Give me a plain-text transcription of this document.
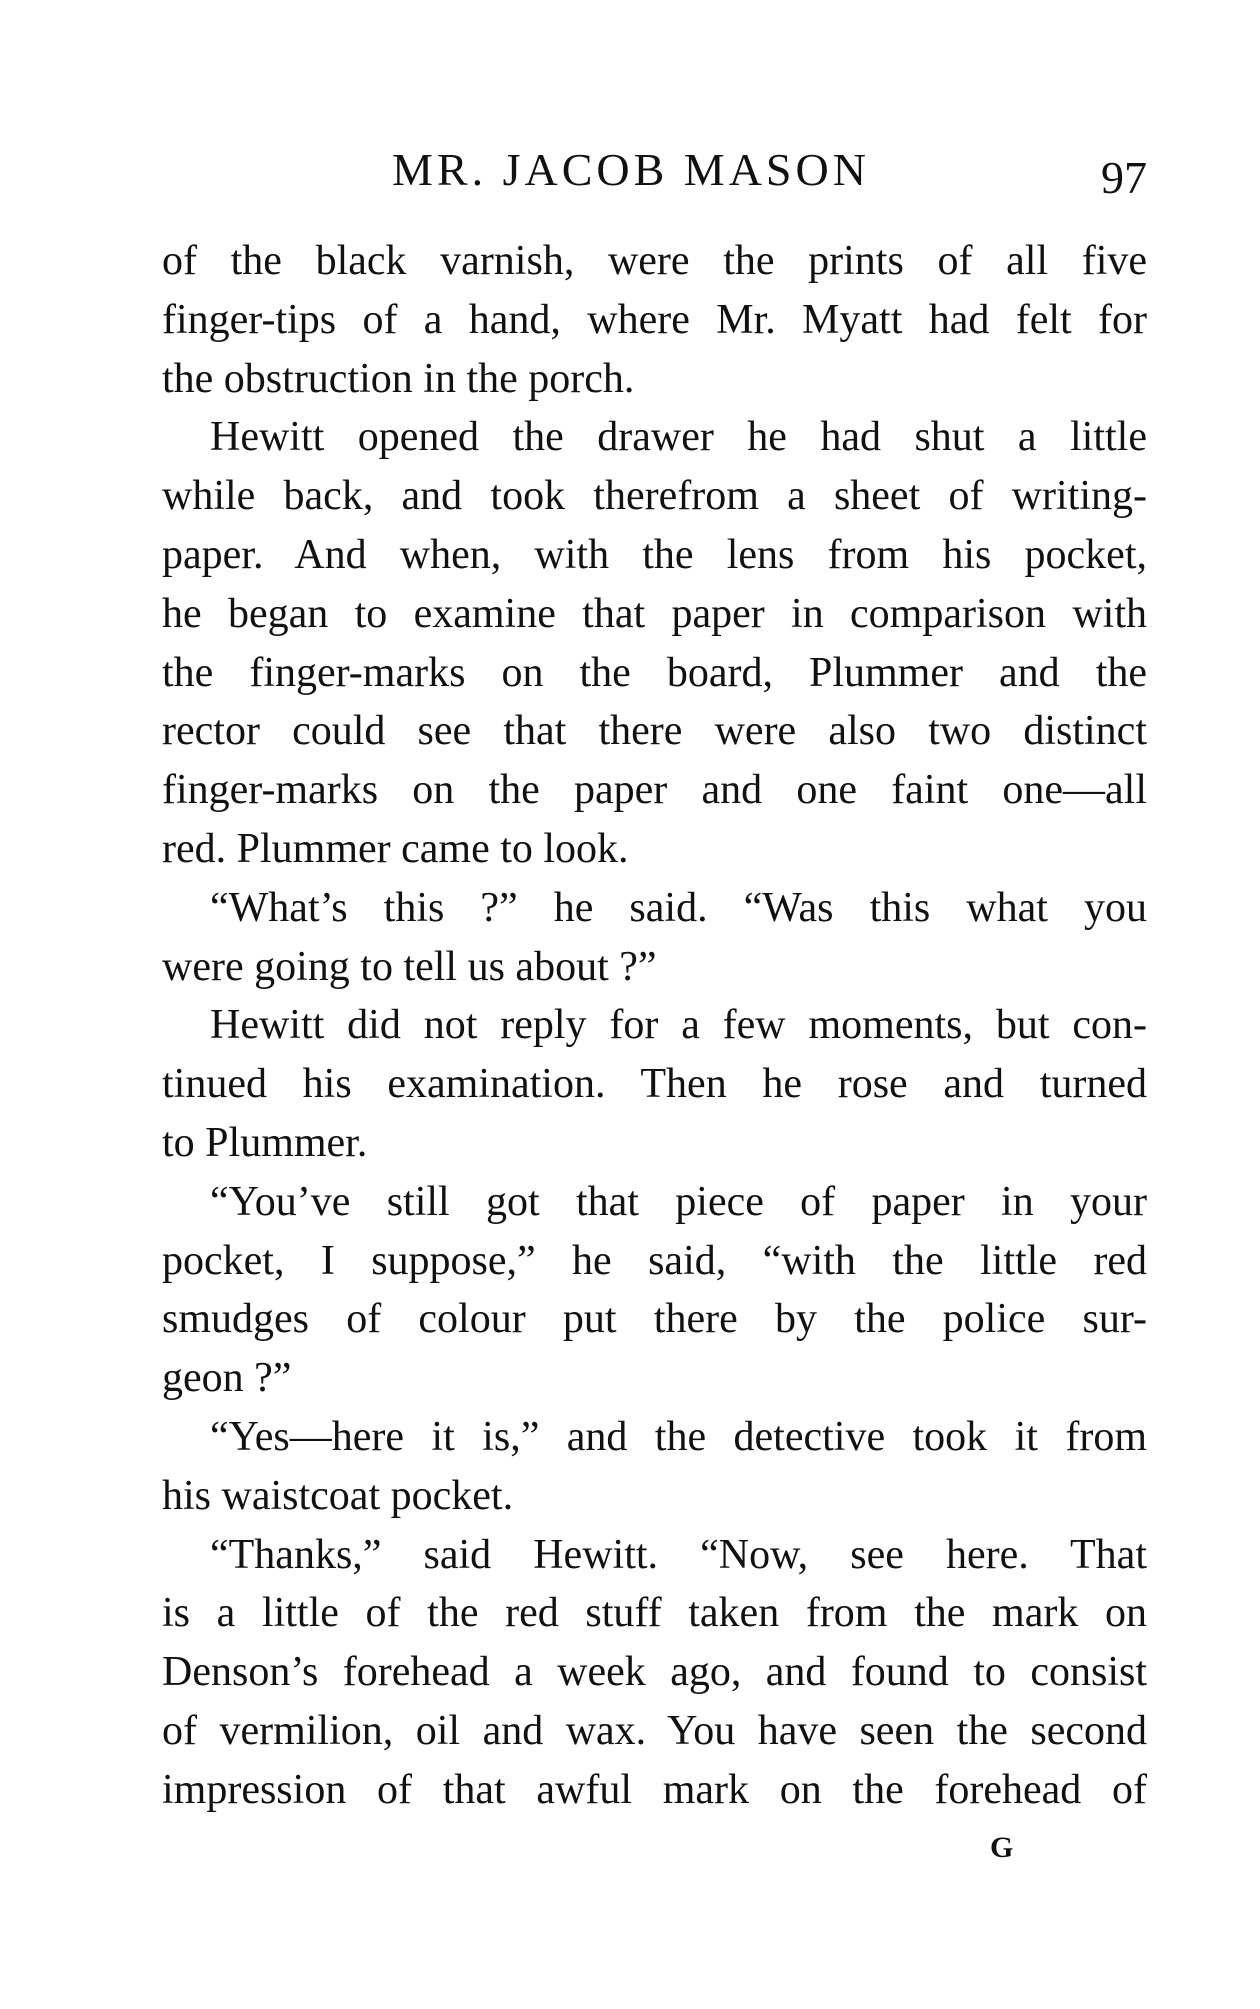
MR. JACOB MASON	97
of the black varnish, were the prints of all five
finger-tips of a hand, where Mr. Myatt had felt for
the obstruction in the porch.
Hewitt opened the drawer he had shut a little
while back, and took therefrom a sheet of writing-
paper. And when, with the lens from his pocket,
he began to examine that paper in comparison with
the finger-marks on the board, Plummer and the
rector could see that there were also two distinct
finger-marks on the paper and one faint one—all
red. Plummer came to look.
“What’s this ?” he said. “Was this what you
were going to tell us about ?”
Hewitt did not reply for a few moments, but con-
tinued his examination. Then he rose and turned
to Plummer.
“You’ve still got that piece of paper in your
pocket, I suppose,” he said, “with the little red
smudges of colour put there by the police sur-
geon ?”
“Yes—here it is,” and the detective took it from
his waistcoat pocket.
“Thanks,” said Hewitt. “Now, see here. That
is a little of the red stuff taken from the mark on
Denson’s forehead a week ago, and found to consist
of vermilion, oil and wax. You have seen the second
impression of that awful mark on the forehead of
G
